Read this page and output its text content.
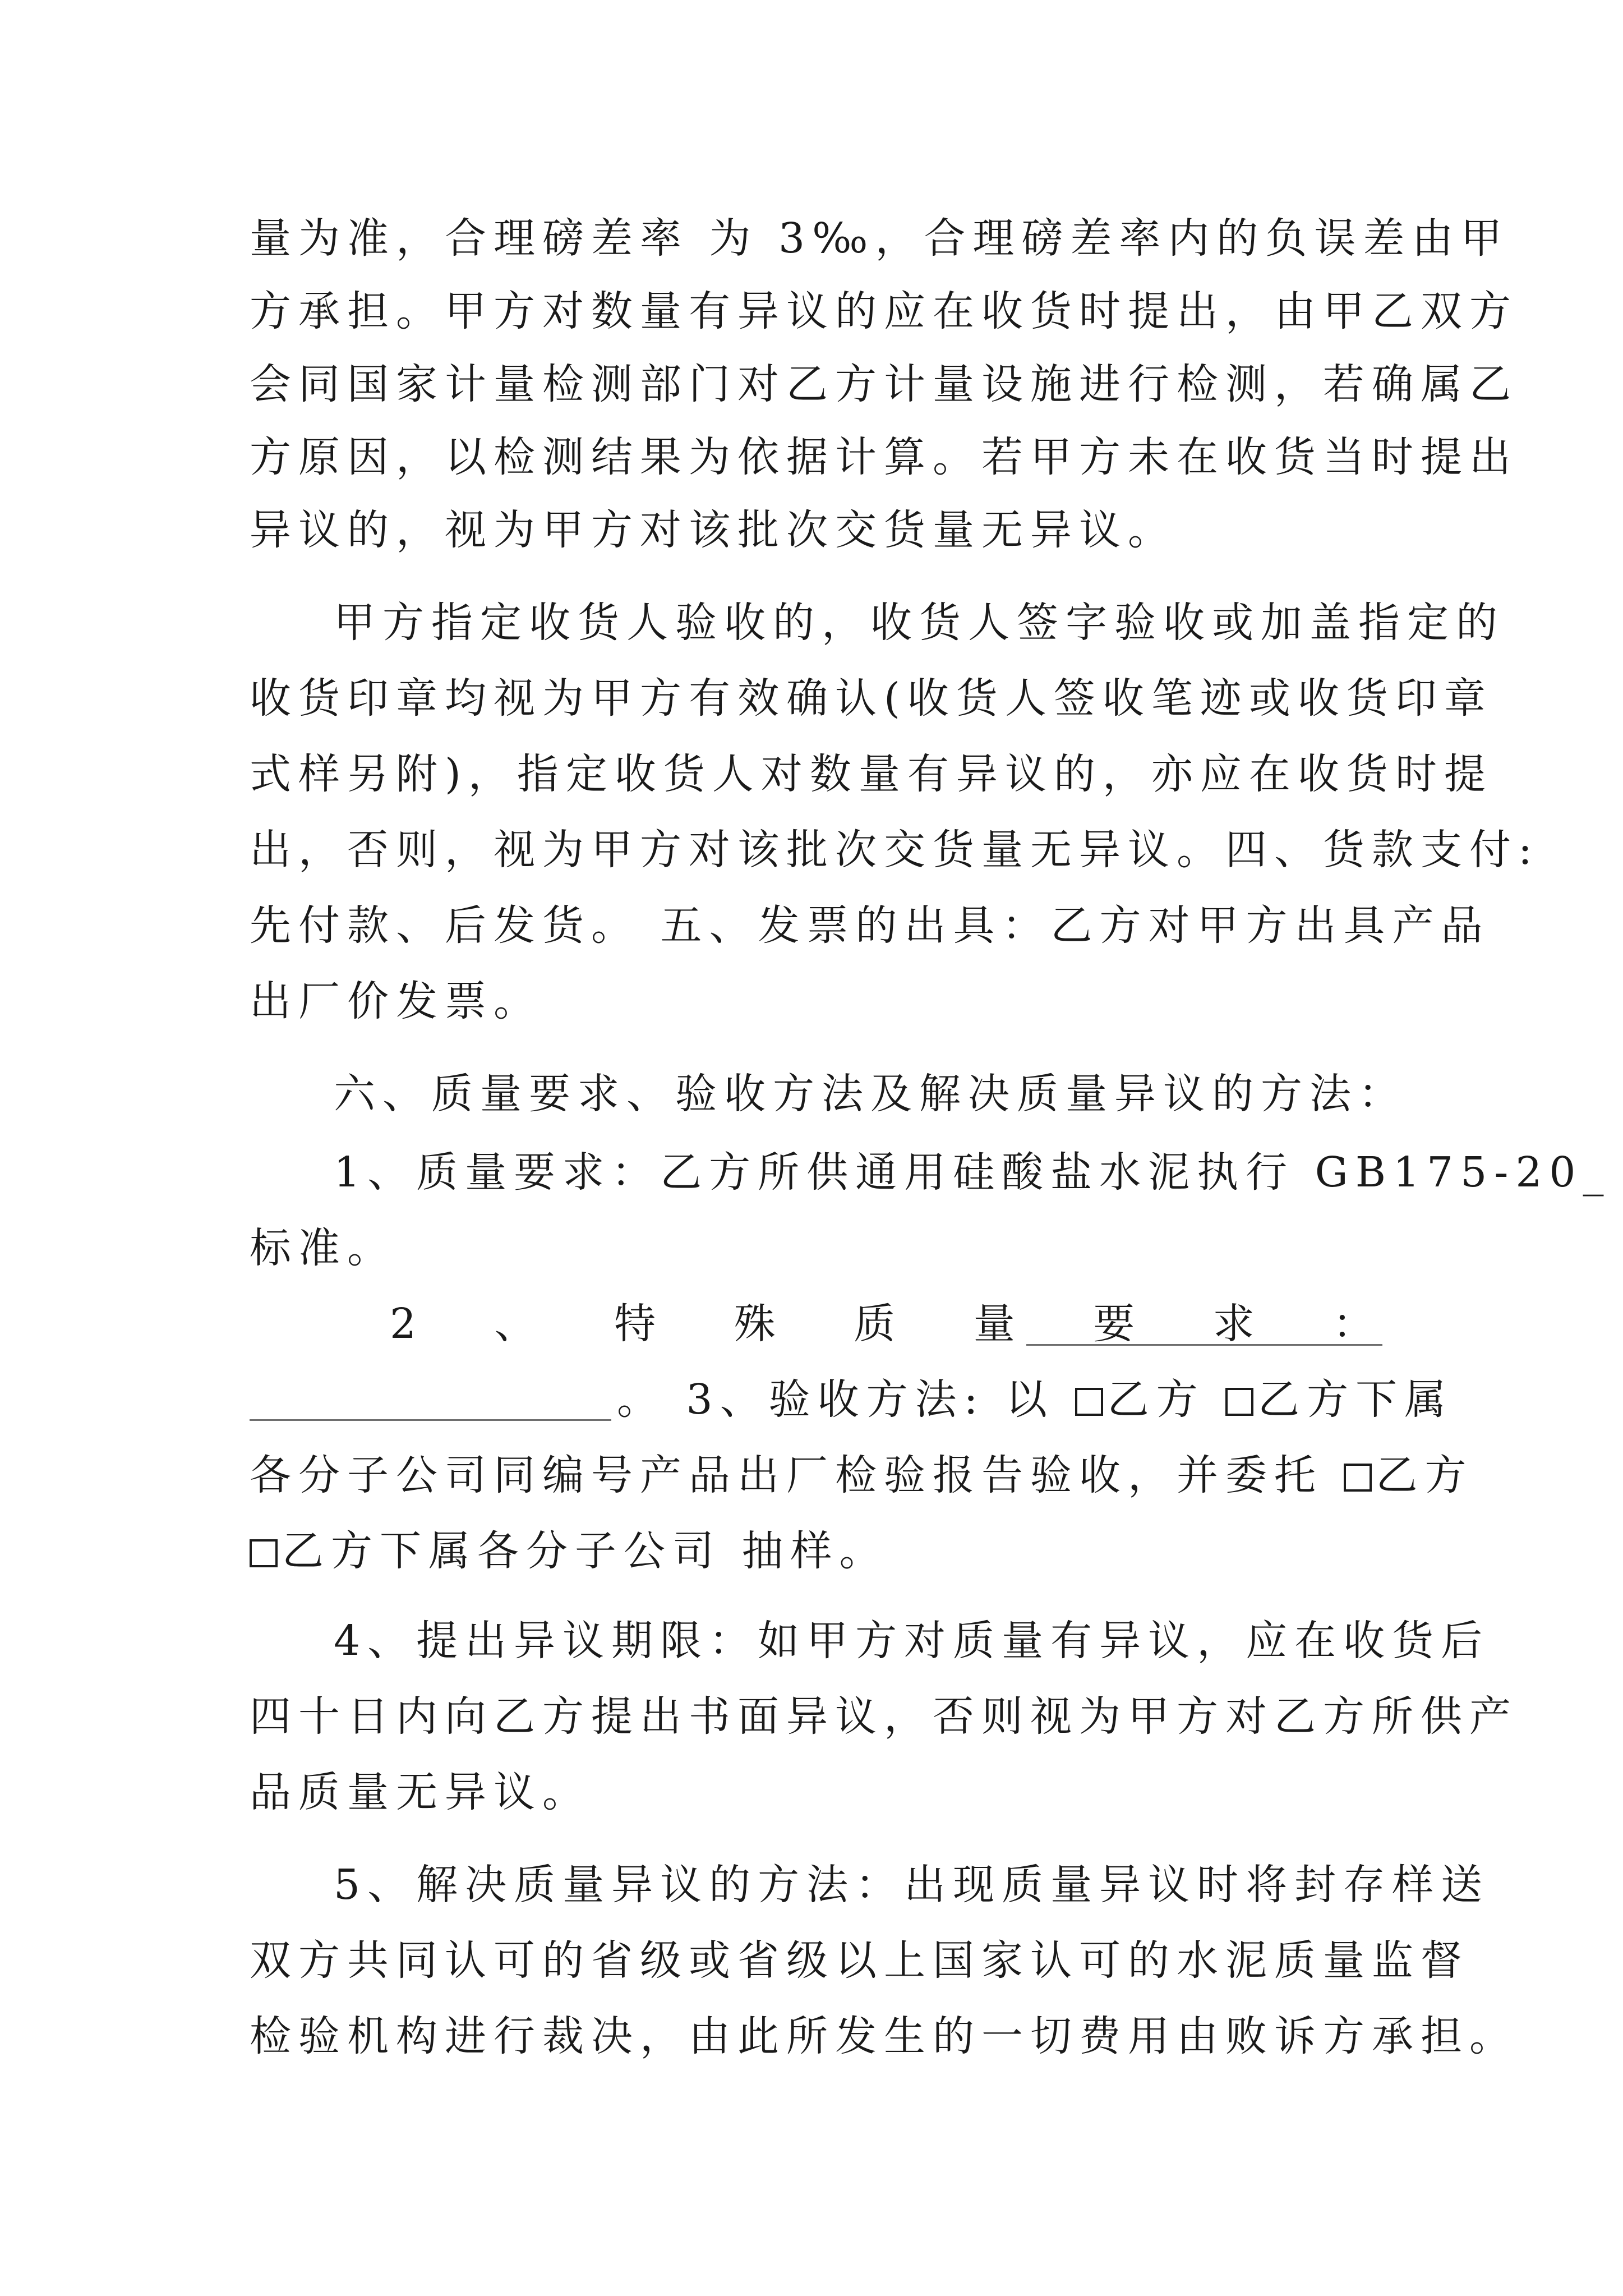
量为准，合理磅差率 为 3‰，合理磅差率内的负误差由甲
方承担。甲方对数量有异议的应在收货时提出，由甲乙双方
会同国家计量检测部门对乙方计量设施进行检测，若确属乙
方原因，以检测结果为依据计算。若甲方未在收货当时提出
异议的，视为甲方对该批次交货量无异议。
甲方指定收货人验收的，收货人签字验收或加盖指定的
收货印章均视为甲方有效确认(收货人签收笔迹或收货印章
式样另附)，指定收货人对数量有异议的，亦应在收货时提
出，否则，视为甲方对该批次交货量无异议。四、货款支付:
先付款、后发货。 五、发票的出具：乙方对甲方出具产品
出厂价发票。
六、质量要求、验收方法及解决质量异议的方法：
1、质量要求：乙方所供通用硅酸盐水泥执行 GB175-20_
标准。
2 、 特 殊 质 量 要 求 ：
。 3、验收方法: 以 乙方 乙方下属
各分子公司同编号产品出厂检验报告验收，并委托 乙方
乙方下属各分子公司 抽样。
4、提出异议期限：如甲方对质量有异议，应在收货后
四十日内向乙方提出书面异议，否则视为甲方对乙方所供产
品质量无异议。
5、解决质量异议的方法：出现质量异议时将封存样送
双方共同认可的省级或省级以上国家认可的水泥质量监督
检验机构进行裁决，由此所发生的一切费用由败诉方承担。
